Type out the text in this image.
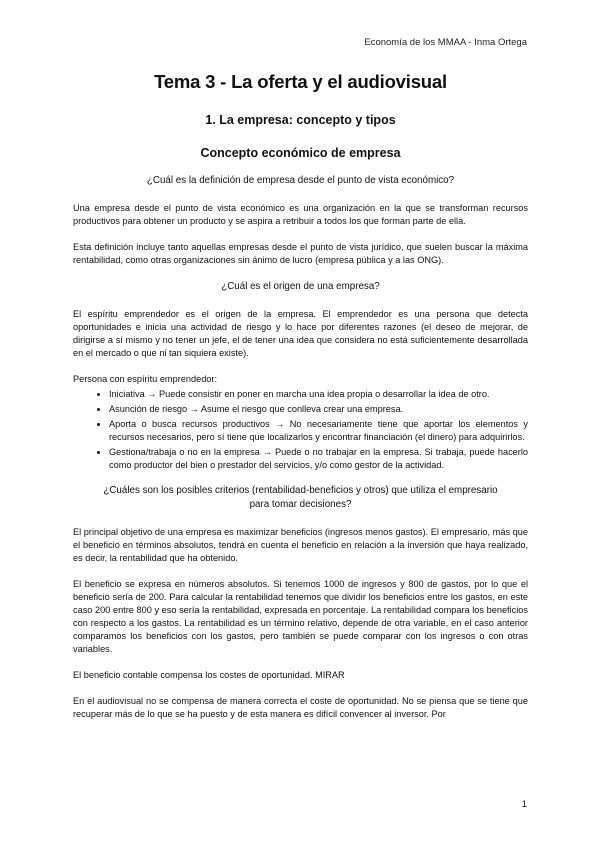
Economía de los MMAA - Inma Ortega
Tema 3 - La oferta y el audiovisual
1. La empresa: concepto y tipos
Concepto económico de empresa
¿Cuál es la definición de empresa desde el punto de vista económico?

Una empresa desde el punto de vista económico es una organización en la que se transforman recursos productivos para obtener un producto y se aspira a retribuir a todos los que forman parte de ella.

Esta definición incluye tanto aquellas empresas desde el punto de vista jurídico, que suelen buscar la máxima rentabilidad, como otras organizaciones sin ánimo de lucro (empresa pública y a las ONG).

¿Cuál es el origen de una empresa?

El espíritu emprendedor es el origen de la empresa. El emprendedor es una persona que detecta oportunidades e inicia una actividad de riesgo y lo hace por diferentes razones (el deseo de mejorar, de dirigirse a sí mismo y no tener un jefe, el de tener una idea que considera no está suficientemente desarrollada en el mercado o que ni tan siquiera existe).

Persona con espíritu emprendedor:

• Iniciativa → Puede consistir en poner en marcha una idea propia o desarrollar la idea de otro.
• Asunción de riesgo → Asume el riesgo que conlleva crear una empresa.
• Aporta o busca recursos productivos → No necesariamente tiene que aportar los elementos y recursos necesarios, pero sí tiene que localizarlos y encontrar financiación (el dinero) para adquirirlos.
• Gestiona/trabaja o no en la empresa → Puede o no trabajar en la empresa. Si trabaja, puede hacerlo como productor del bien o prestador del servicios, y/o como gestor de la actividad.
¿Cuáles son los posibles criterios (rentabilidad-beneficios y otros) que utiliza el empresario
para tomar decisiones?

El principal objetivo de una empresa es maximizar beneficios (ingresos menos gastos). El empresario, más que el beneficio en términos absolutos, tendrá en cuenta el beneficio en relación a la inversión que haya realizado, es decir, la rentabilidad que ha obtenido.

El beneficio se expresa en números absolutos. Si tenemos 1000 de ingresos y 800 de gastos, por lo que el beneficio sería de 200. Para calcular la rentabilidad tenemos que dividir los beneficios entre los gastos, en este caso 200 entre 800 y eso sería la rentabilidad, expresada en porcentaje. La rentabilidad compara los beneficios con respecto a los gastos. La rentabilidad es un término relativo, depende de otra variable, en el caso anterior comparamos los beneficios con los gastos, pero también se puede comparar con los ingresos o con otras variables.

El beneficio contable compensa los costes de oportunidad. MIRAR

En el audiovisual no se compensa de manera correcta el coste de oportunidad. No se piensa que se tiene que recuperar más de lo que se ha puesto y de esta manera es difícil convencer al inversor. Por

1
